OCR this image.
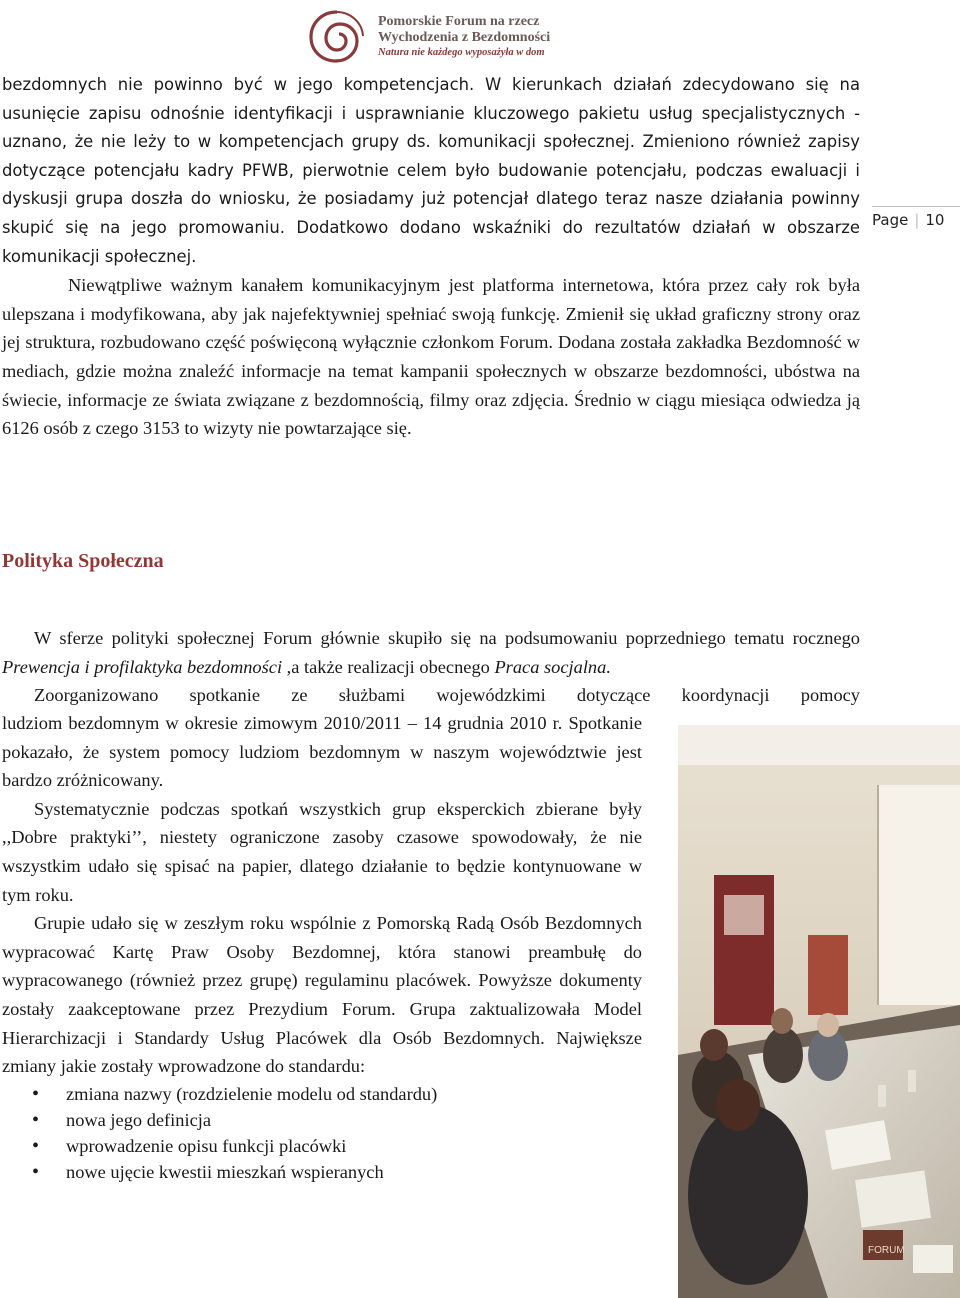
Pomorskie Forum na rzecz
Wychodzenia z Bezdomności
Natura nie każdego wyposażyła w dom
Page | 10

bezdomnych nie powinno być w jego kompetencjach. W kierunkach działań zdecydowano się na usunięcie zapisu odnośnie identyfikacji i usprawnianie kluczowego pakietu usług specjalistycznych - uznano, że nie leży to w kompetencjach grupy ds. komunikacji społecznej. Zmieniono również zapisy dotyczące potencjału kadry PFWB, pierwotnie celem było budowanie potencjału, podczas ewaluacji i dyskusji grupa doszła do wniosku, że posiadamy już potencjał dlatego teraz nasze działania powinny skupić się na jego promowaniu. Dodatkowo dodano wskaźniki do rezultatów działań w obszarze komunikacji społecznej.

Niewątpliwe ważnym kanałem komunikacyjnym jest platforma internetowa, która przez cały rok była ulepszana i modyfikowana, aby jak najefektywniej spełniać swoją funkcję. Zmienił się układ graficzny strony oraz jej struktura, rozbudowano część poświęconą wyłącznie członkom Forum. Dodana została zakładka Bezdomność w mediach, gdzie można znaleźć informacje na temat kampanii społecznych w obszarze bezdomności, ubóstwa na świecie, informacje ze świata związane z bezdomnością, filmy oraz zdjęcia. Średnio w ciągu miesiąca odwiedza ją 6126 osób z czego 3153 to wizyty nie powtarzające się.

Polityka Społeczna

W sferze polityki społecznej Forum głównie skupiło się na podsumowaniu poprzedniego tematu rocznego Prewencja i profilaktyka bezdomności ,a także realizacji obecnego Praca socjalna.

Zoorganizowano spotkanie ze służbami wojewódzkimi dotyczące koordynacji pomocy

ludziom bezdomnym w okresie zimowym 2010/2011 – 14 grudnia 2010 r. Spotkanie pokazało, że system pomocy ludziom bezdomnym w naszym województwie jest bardzo zróżnicowany.

Systematycznie podczas spotkań wszystkich grup eksperckich zbierane były ,,Dobre praktyki’’, niestety ograniczone zasoby czasowe spowodowały, że nie wszystkim udało się spisać na papier, dlatego działanie to będzie kontynuowane w tym roku.

Grupie udało się w zeszłym roku wspólnie z Pomorską Radą Osób Bezdomnych wypracować Kartę Praw Osoby Bezdomnej, która stanowi preambułę do wypracowanego (również przez grupę) regulaminu placówek. Powyższe dokumenty zostały zaakceptowane przez Prezydium Forum. Grupa zaktualizowała Model Hierarchizacji i Standardy Usług Placówek dla Osób Bezdomnych. Największe zmiany jakie zostały wprowadzone do standardu:

• zmiana nazwy (rozdzielenie modelu od standardu)
• nowa jego definicja
• wprowadzenie opisu funkcji placówki
• nowe ujęcie kwestii mieszkań wspieranych
FORUM
